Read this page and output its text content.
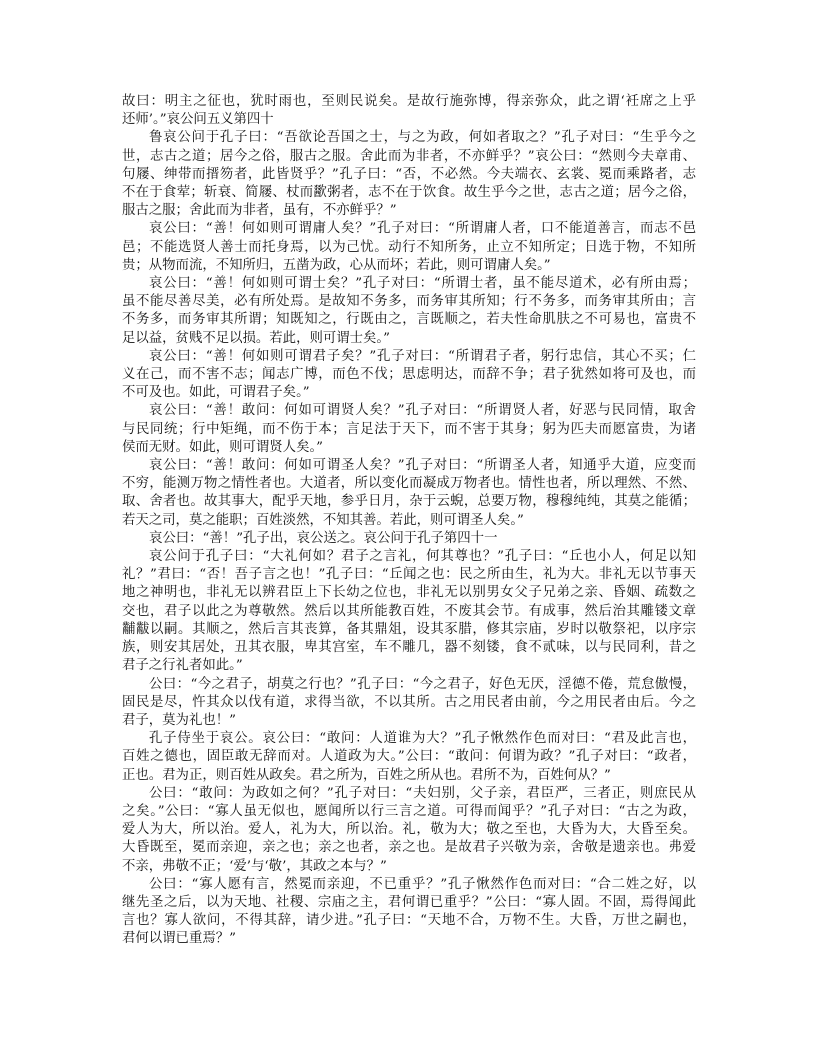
故曰：明主之征也，犹时雨也，至则民说矣。是故行施弥博，得亲弥众，此之谓‘衽席之上乎
还师’。”哀公问五义第四十
鲁哀公问于孔子曰：“吾欲论吾国之士，与之为政，何如者取之？”孔子对曰：“生乎今之
世，志古之道；居今之俗，服古之服。舍此而为非者，不亦鲜乎？”哀公曰：“然则今夫章甫、
句屦、绅带而搢笏者，此皆贤乎？”孔子曰：“否，不必然。今夫端衣、玄裳、冕而乘路者，志
不在于食荤；斩衰、简屦、杖而歠粥者，志不在于饮食。故生乎今之世，志古之道；居今之俗，
服古之服；舍此而为非者，虽有，不亦鲜乎？”
哀公曰：“善！何如则可谓庸人矣？”孔子对曰：“所谓庸人者，口不能道善言，而志不邑
邑；不能选贤人善士而托身焉，以为己忧。动行不知所务，止立不知所定；日选于物，不知所
贵；从物而流，不知所归，五凿为政，心从而坏；若此，则可谓庸人矣。”
哀公曰：“善！何如则可谓士矣？”孔子对曰：“所谓士者，虽不能尽道术，必有所由焉；
虽不能尽善尽美，必有所处焉。是故知不务多，而务审其所知；行不务多，而务审其所由；言
不务多，而务审其所谓；知既知之，行既由之，言既顺之，若夫性命肌肤之不可易也，富贵不
足以益，贫贱不足以损。若此，则可谓士矣。”
哀公曰：“善！何如则可谓君子矣？”孔子对曰：“所谓君子者，躬行忠信，其心不买；仁
义在己，而不害不志；闻志广博，而色不伐；思虑明达，而辞不争；君子犹然如将可及也，而
不可及也。如此，可谓君子矣。”
哀公曰：“善！敢问：何如可谓贤人矣？”孔子对曰：“所谓贤人者，好恶与民同情，取舍
与民同统；行中矩绳，而不伤于本；言足法于天下，而不害于其身；躬为匹夫而愿富贵，为诸
侯而无财。如此，则可谓贤人矣。”
哀公曰：“善！敢问：何如可谓圣人矣？”孔子对曰：“所谓圣人者，知通乎大道，应变而
不穷，能测万物之情性者也。大道者，所以变化而凝成万物者也。情性也者，所以理然、不然、
取、舍者也。故其事大，配乎天地，参乎日月，杂于云蜺，总要万物，穆穆纯纯，其莫之能循；
若天之司，莫之能职；百姓淡然，不知其善。若此，则可谓圣人矣。”
哀公曰：“善！”孔子出，哀公送之。哀公问于孔子第四十一
哀公问于孔子曰：“大礼何如？君子之言礼，何其尊也？”孔子曰：“丘也小人，何足以知
礼？”君曰：“否！吾子言之也！”孔子曰：“丘闻之也：民之所由生，礼为大。非礼无以节事天
地之神明也，非礼无以辨君臣上下长幼之位也，非礼无以别男女父子兄弟之亲、昏姻、疏数之
交也，君子以此之为尊敬然。然后以其所能教百姓，不废其会节。有成事，然后治其雕镂文章
黼黻以嗣。其顺之，然后言其丧算，备其鼎俎，设其豕腊，修其宗庙，岁时以敬祭祀，以序宗
族，则安其居处，丑其衣服，卑其宫室，车不雕几，器不刻镂，食不贰味，以与民同利，昔之
君子之行礼者如此。”
公曰：“今之君子，胡莫之行也？”孔子曰：“今之君子，好色无厌，淫德不倦，荒怠傲慢，
固民是尽，忤其众以伐有道，求得当欲，不以其所。古之用民者由前，今之用民者由后。今之
君子，莫为礼也！”
孔子侍坐于哀公。哀公曰：“敢问：人道谁为大？”孔子愀然作色而对曰：“君及此言也，
百姓之德也，固臣敢无辞而对。人道政为大。”公曰：“敢问：何谓为政？”孔子对曰：“政者，
正也。君为正，则百姓从政矣。君之所为，百姓之所从也。君所不为，百姓何从？”
公曰：“敢问：为政如之何？”孔子对曰：“夫妇别，父子亲，君臣严，三者正，则庶民从
之矣。”公曰：“寡人虽无似也，愿闻所以行三言之道。可得而闻乎？”孔子对曰：“古之为政，
爱人为大，所以治。爱人，礼为大，所以治。礼，敬为大；敬之至也，大昏为大，大昏至矣。
大昏既至，冕而亲迎，亲之也；亲之也者，亲之也。是故君子兴敬为亲，舍敬是遗亲也。弗爱
不亲，弗敬不正；‘爱’与‘敬’，其政之本与？”
公曰：“寡人愿有言，然冕而亲迎，不已重乎？”孔子愀然作色而对曰：“合二姓之好，以
继先圣之后，以为天地、社稷、宗庙之主，君何谓已重乎？”公曰：“寡人固。不固，焉得闻此
言也？寡人欲问，不得其辞，请少进。”孔子曰：“天地不合，万物不生。大昏，万世之嗣也，
君何以谓已重焉？”
